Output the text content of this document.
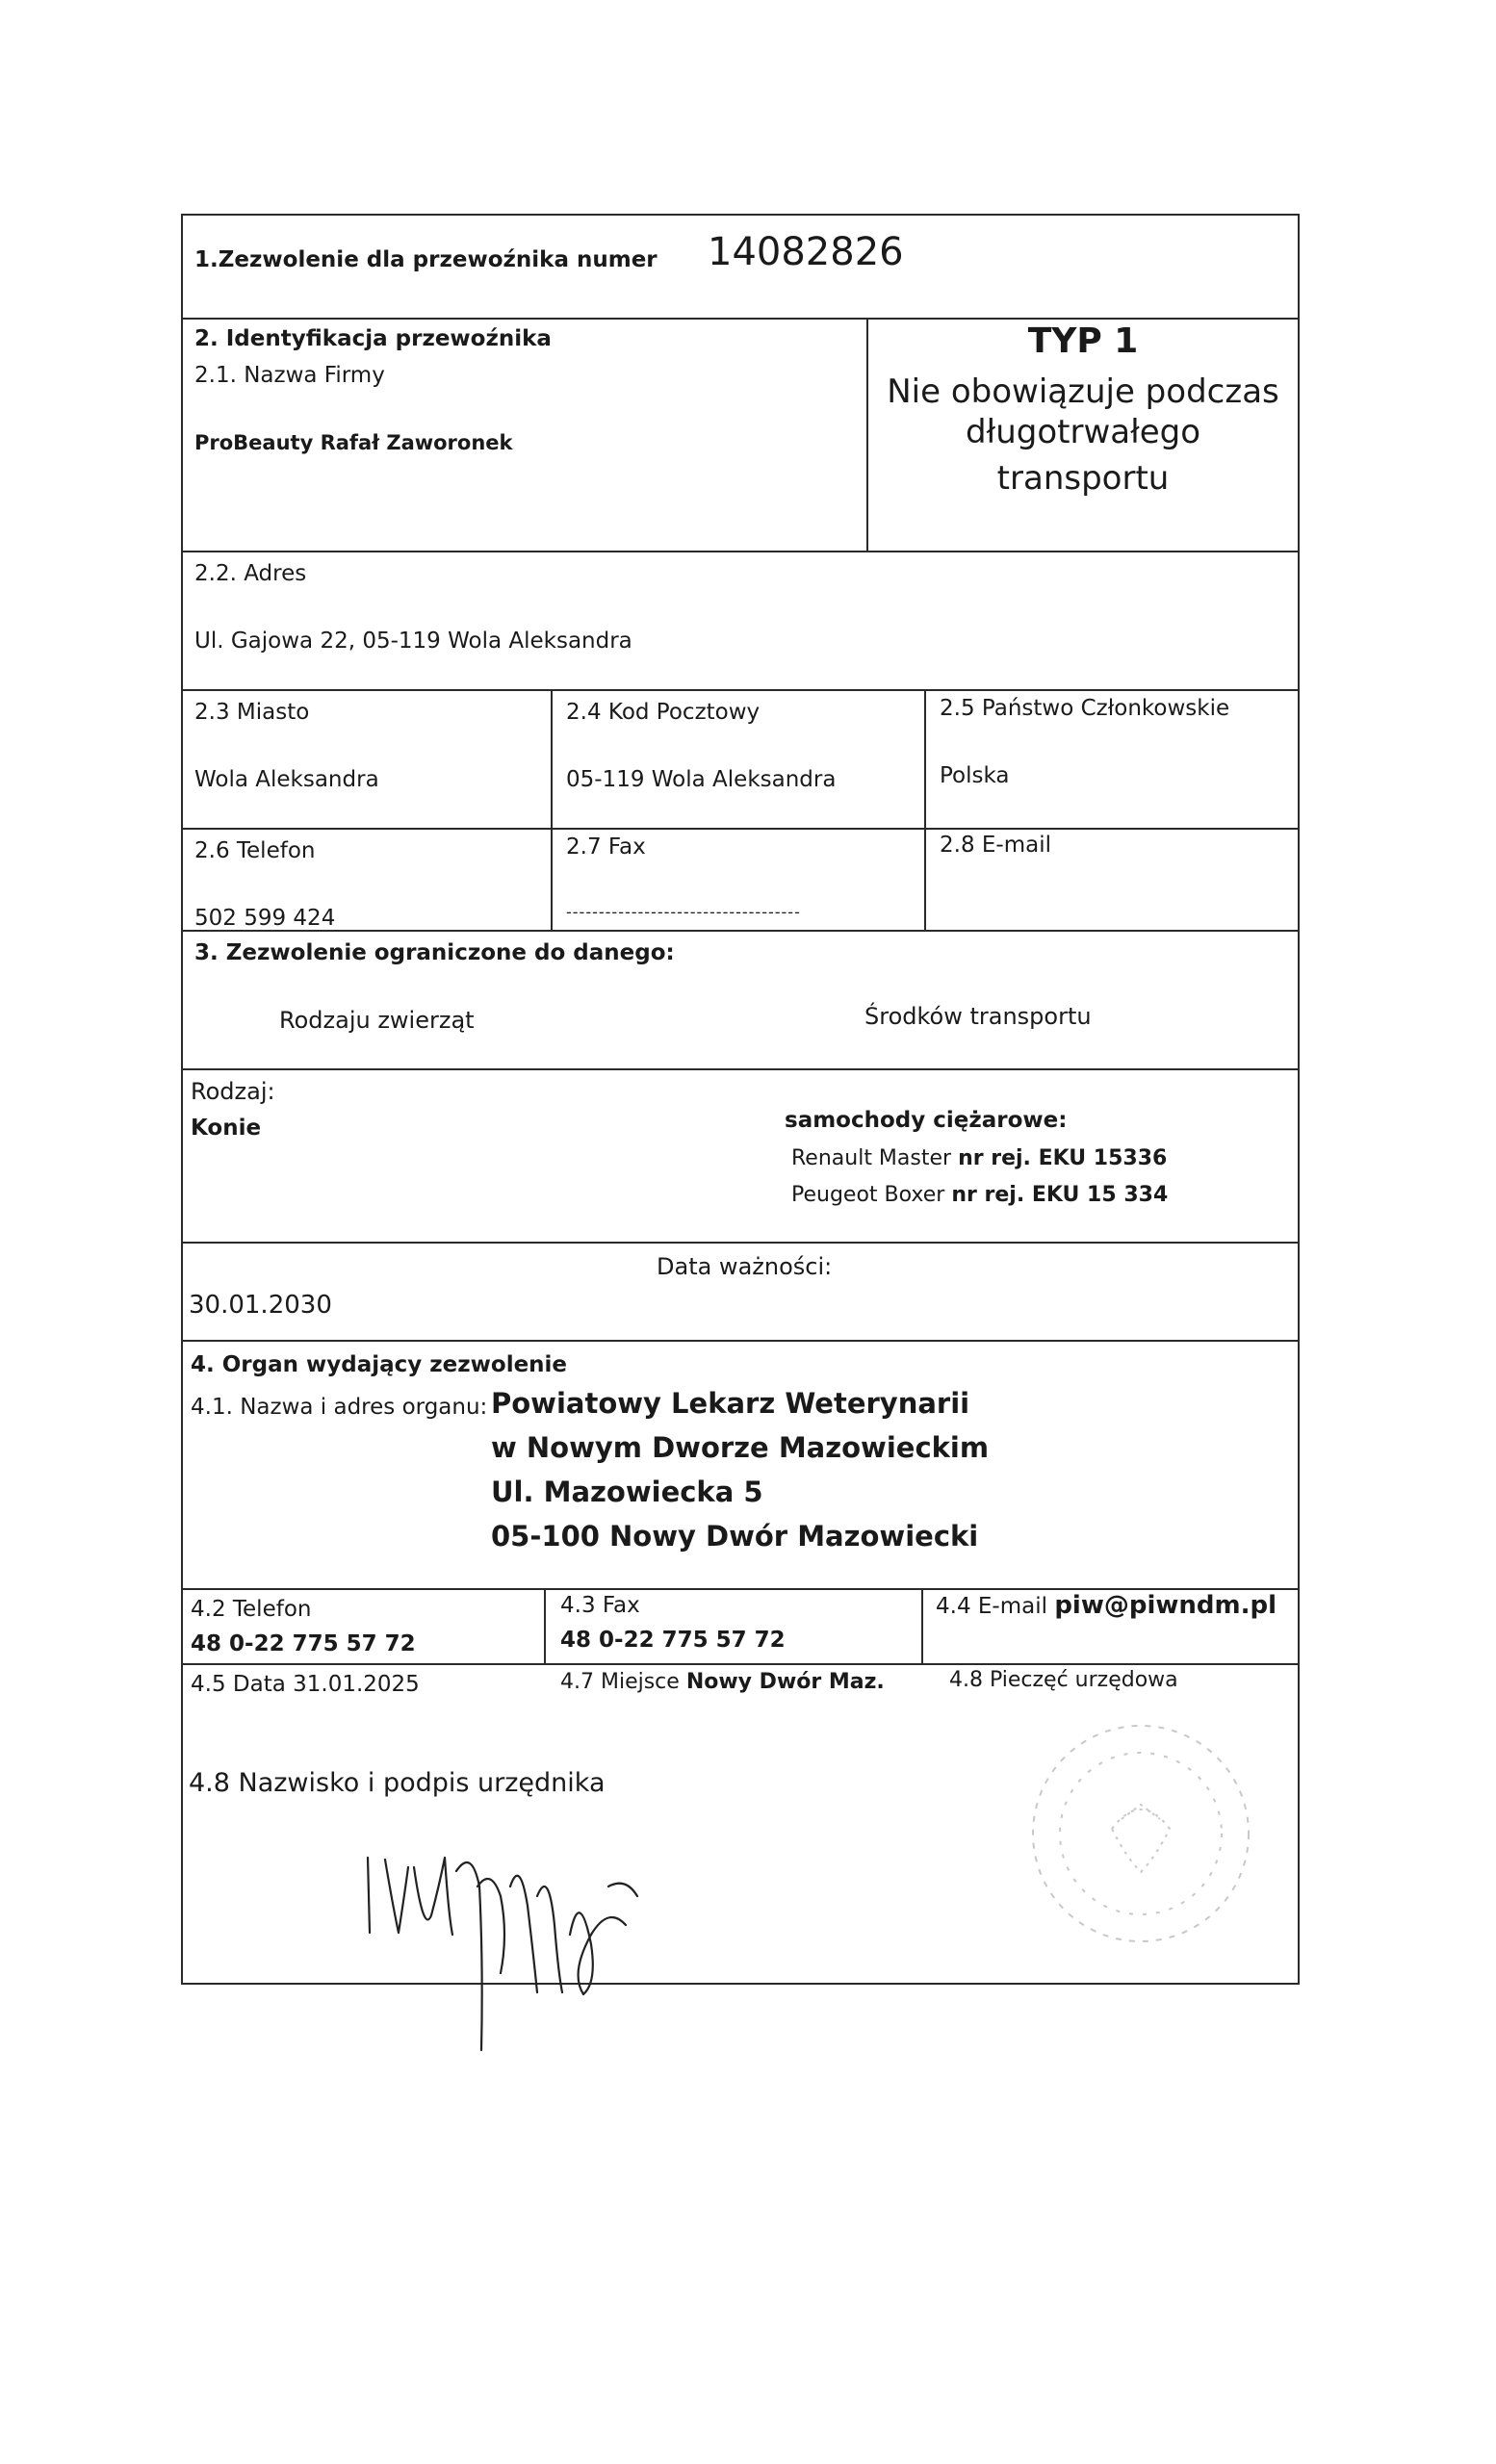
1.Zezwolenie dla przewoźnika numer 14082826
2. Identyfikacja przewoźnika
2.1. Nazwa Firmy
ProBeauty Rafał Zaworonek
TYP 1
Nie obowiązuje podczas
długotrwałego
transportu
2.2. Adres
Ul. Gajowa 22, 05-119 Wola Aleksandra
2.3 Miasto
Wola Aleksandra
2.4 Kod Pocztowy
05-119 Wola Aleksandra
2.5 Państwo Członkowskie
Polska
2.6 Telefon
502 599 424
2.7 Fax
------------------------------------
2.8 E-mail
3. Zezwolenie ograniczone do danego:
Rodzaju zwierząt	Środków transportu
Rodzaj:
Konie	samochody ciężarowe:
Renault Master nr rej. EKU 15336
Peugeot Boxer nr rej. EKU 15 334
Data ważności:
30.01.2030
4. Organ wydający zezwolenie
4.1. Nazwa i adres organu: Powiatowy Lekarz Weterynarii
w Nowym Dworze Mazowieckim
Ul. Mazowiecka 5
05-100 Nowy Dwór Mazowiecki
4.2 Telefon
48 0-22 775 57 72
4.3 Fax
48 0-22 775 57 72
4.4 E-mail piw@piwndm.pl
4.5 Data 31.01.2025	4.7 Miejsce Nowy Dwór Maz.	4.8 Pieczęć urzędowa
4.8 Nazwisko i podpis urzędnika
